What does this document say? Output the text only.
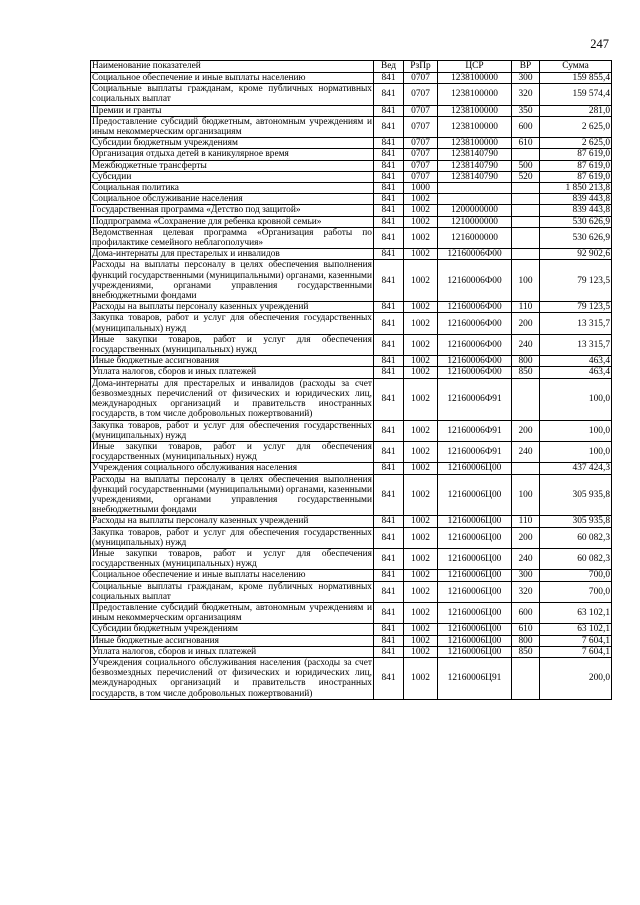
247
Наименование показателей	Вед	РзПр	ЦСР	ВР	Сумма
Социальное обеспечение и иные выплаты населению	841	0707	1238100000	300	159 855,4
Социальные выплаты гражданам, кроме публичных нормативных социальных выплат	841	0707	1238100000	320	159 574,4
Премии и гранты	841	0707	1238100000	350	281,0
Предоставление субсидий бюджетным, автономным учреждениям и иным некоммерческим организациям	841	0707	1238100000	600	2 625,0
Субсидии бюджетным учреждениям	841	0707	1238100000	610	2 625,0
Организация отдыха детей в каникулярное время	841	0707	1238140790		87 619,0
Межбюджетные трансферты	841	0707	1238140790	500	87 619,0
Субсидии	841	0707	1238140790	520	87 619,0
Социальная политика	841	1000			1 850 213,8
Социальное обслуживание населения	841	1002			839 443,8
Государственная программа «Детство под защитой»	841	1002	1200000000		839 443,8
Подпрограмма «Сохранение для ребенка кровной семьи»	841	1002	1210000000		530 626,9
Ведомственная целевая программа «Организация работы по профилактике семейного неблагополучия»	841	1002	1216000000		530 626,9
Дома-интернаты для престарелых и инвалидов	841	1002	12160006Ф00		92 902,6
Расходы на выплаты персоналу в целях обеспечения выполнения функций государственными (муниципальными) органами, казенными учреждениями, органами управления государственными внебюджетными фондами	841	1002	12160006Ф00	100	79 123,5
Расходы на выплаты персоналу казенных учреждений	841	1002	12160006Ф00	110	79 123,5
Закупка товаров, работ и услуг для обеспечения государственных (муниципальных) нужд	841	1002	12160006Ф00	200	13 315,7
Иные закупки товаров, работ и услуг для обеспечения государственных (муниципальных) нужд	841	1002	12160006Ф00	240	13 315,7
Иные бюджетные ассигнования	841	1002	12160006Ф00	800	463,4
Уплата налогов, сборов и иных платежей	841	1002	12160006Ф00	850	463,4
Дома-интернаты для престарелых и инвалидов (расходы за счет безвозмездных перечислений от физических и юридических лиц, международных организаций и правительств иностранных государств, в том числе добровольных пожертвований)	841	1002	12160006Ф91		100,0
Закупка товаров, работ и услуг для обеспечения государственных (муниципальных) нужд	841	1002	12160006Ф91	200	100,0
Иные закупки товаров, работ и услуг для обеспечения государственных (муниципальных) нужд	841	1002	12160006Ф91	240	100,0
Учреждения социального обслуживания населения	841	1002	12160006Ц00		437 424,3
Расходы на выплаты персоналу в целях обеспечения выполнения функций государственными (муниципальными) органами, казенными учреждениями, органами управления государственными внебюджетными фондами	841	1002	12160006Ц00	100	305 935,8
Расходы на выплаты персоналу казенных учреждений	841	1002	12160006Ц00	110	305 935,8
Закупка товаров, работ и услуг для обеспечения государственных (муниципальных) нужд	841	1002	12160006Ц00	200	60 082,3
Иные закупки товаров, работ и услуг для обеспечения государственных (муниципальных) нужд	841	1002	12160006Ц00	240	60 082,3
Социальное обеспечение и иные выплаты населению	841	1002	12160006Ц00	300	700,0
Социальные выплаты гражданам, кроме публичных нормативных социальных выплат	841	1002	12160006Ц00	320	700,0
Предоставление субсидий бюджетным, автономным учреждениям и иным некоммерческим организациям	841	1002	12160006Ц00	600	63 102,1
Субсидии бюджетным учреждениям	841	1002	12160006Ц00	610	63 102,1
Иные бюджетные ассигнования	841	1002	12160006Ц00	800	7 604,1
Уплата налогов, сборов и иных платежей	841	1002	12160006Ц00	850	7 604,1
Учреждения социального обслуживания населения (расходы за счет безвозмездных перечислений от физических и юридических лиц, международных организаций и правительств иностранных государств, в том числе добровольных пожертвований)	841	1002	12160006Ц91		200,0
